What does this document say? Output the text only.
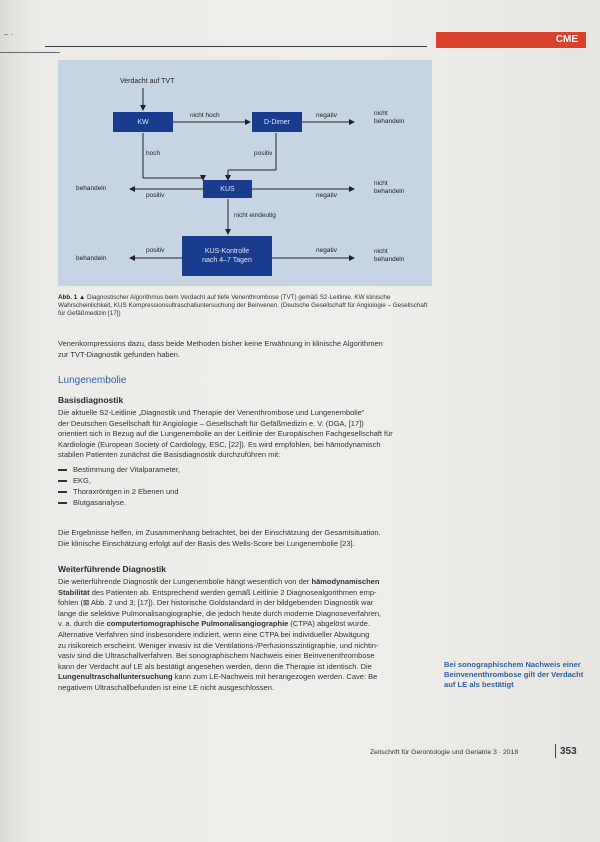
– ·	CME
Verdacht auf TVT
KW	D-Dimer
KUS
KUS-Kontrolle
nach 4–7 Tagen
nicht hoch	negativ	nicht
behandeln
hoch	positiv
behandeln
positiv	negativ
nicht
behandeln
nicht eindeutig
positiv	negativ
behandeln
nicht
behandeln
Abb. 1 ▲ Diagnostischer Algorithmus beim Verdacht auf tiefe Venenthrombose (TVT) gemäß S2-Leitlinie. KW klinische Wahrscheinlichkeit, KUS Kompressionsultraschalluntersuchung der Beinvenen. (Deutsche Gesellschaft für Angiologie – Gesellschaft für Gefäßmedizin [17])
Venenkompressions dazu, dass beide Methoden bisher keine Erwähnung in klinische Algorithmen
zur TVT-Diagnostik gefunden haben.
Lungenembolie
Basisdiagnostik
Die aktuelle S2-Leitlinie „Diagnostik und Therapie der Venenthrombose und Lungenembolie“
der Deutschen Gesellschaft für Angiologie – Gesellschaft für Gefäßmedizin e. V. (DGA, [17])
orientiert sich in Bezug auf die Lungenembolie an der Leitlinie der Europäischen Fachgesellschaft für
Kardiologie (European Society of Cardiology, ESC, [22]). Es wird empfohlen, bei hämodynamisch
stabilen Patienten zunächst die Basisdiagnostik durchzuführen mit:
Bestimmung der Vitalparameter,
EKG,
Thoraxröntgen in 2 Ebenen und
Blutgasanalyse.
Die Ergebnisse helfen, im Zusammenhang betrachtet, bei der Einschätzung der Gesamtsituation.
Die klinische Einschätzung erfolgt auf der Basis des Wells-Score bei Lungenembolie [23].
Weiterführende Diagnostik
Die weiterführende Diagnostik der Lungenembolie hängt wesentlich von der hämodynamischen
Stabilität des Patienten ab. Entsprechend werden gemäß Leitlinie 2 Diagnosealgorithmen emp-
fohlen (⊠ Abb. 2 und 3; [17]). Der historische Goldstandard in der bildgebenden Diagnostik war
lange die selektive Pulmonalisangiographie, die jedoch heute durch moderne Diagnoseverfahren,
v. a. durch die computertomographische Pulmonalisangiographie (CTPA) abgelöst wurde.
Alternative Verfahren sind insbesondere indiziert, wenn eine CTPA bei individueller Abwägung
zu risikoreich erscheint. Weniger invasiv ist die Ventilations-/Perfusionsszintigraphie, und nichtin-
vasiv sind die Ultraschallverfahren. Bei sonographischem Nachweis einer Beinvenenthrombose
kann der Verdacht auf LE als bestätigt angesehen werden, denn die Therapie ist identisch. Die
Lungenultraschalluntersuchung kann zum LE-Nachweis mit herangezogen werden. Cave: Be
negativem Ultraschallbefunden ist eine LE nicht ausgeschlossen.
Bei sonographischem Nachweis einer Beinvenenthrombose gilt der Verdacht auf LE als bestätigt
Zeitschrift für Gerontologie und Geriatrie 3 · 2018	353
